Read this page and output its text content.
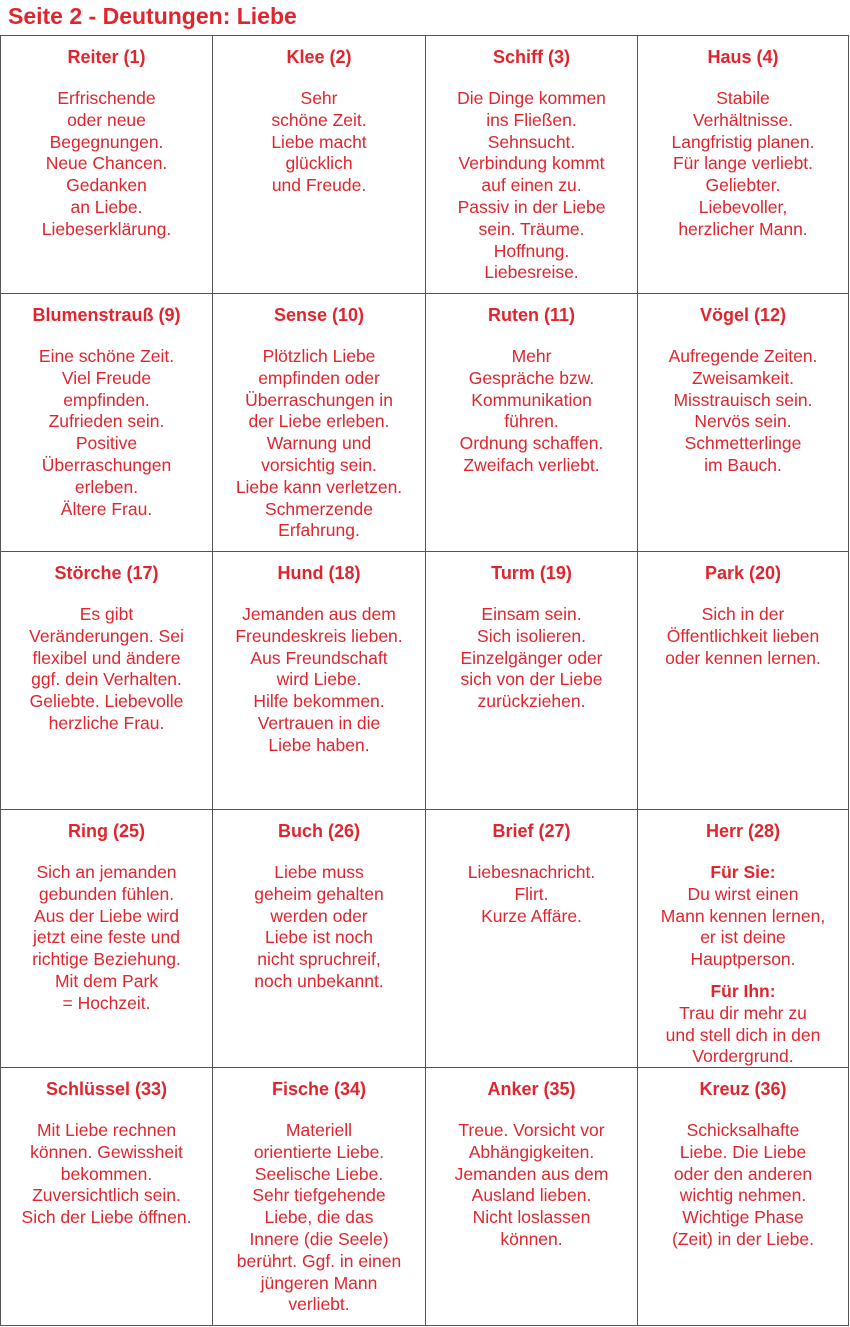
Seite 2 - Deutungen: Liebe
Reiter (1)
Erfrischende
oder neue
Begegnungen.
Neue Chancen.
Gedanken
an Liebe.
Liebeserklärung.
Klee (2)
Sehr
schöne Zeit.
Liebe macht
glücklich
und Freude.
Schiff (3)
Die Dinge kommen
ins Fließen.
Sehnsucht.
Verbindung kommt
auf einen zu.
Passiv in der Liebe
sein. Träume.
Hoffnung.
Liebesreise.
Haus (4)
Stabile
Verhältnisse.
Langfristig planen.
Für lange verliebt.
Geliebter.
Liebevoller,
herzlicher Mann.
Blumenstrauß (9)
Eine schöne Zeit.
Viel Freude
empfinden.
Zufrieden sein.
Positive
Überraschungen
erleben.
Ältere Frau.
Sense (10)
Plötzlich Liebe
empfinden oder
Überraschungen in
der Liebe erleben.
Warnung und
vorsichtig sein.
Liebe kann verletzen.
Schmerzende
Erfahrung.
Ruten (11)
Mehr
Gespräche bzw.
Kommunikation
führen.
Ordnung schaffen.
Zweifach verliebt.
Vögel (12)
Aufregende Zeiten.
Zweisamkeit.
Misstrauisch sein.
Nervös sein.
Schmetterlinge
im Bauch.
Störche (17)
Es gibt
Veränderungen. Sei
flexibel und ändere
ggf. dein Verhalten.
Geliebte. Liebevolle
herzliche Frau.
Hund (18)
Jemanden aus dem
Freundeskreis lieben.
Aus Freundschaft
wird Liebe.
Hilfe bekommen.
Vertrauen in die
Liebe haben.
Turm (19)
Einsam sein.
Sich isolieren.
Einzelgänger oder
sich von der Liebe
zurückziehen.
Park (20)
Sich in der
Öffentlichkeit lieben
oder kennen lernen.
Ring (25)
Sich an jemanden
gebunden fühlen.
Aus der Liebe wird
jetzt eine feste und
richtige Beziehung.
Mit dem Park
= Hochzeit.
Buch (26)
Liebe muss
geheim gehalten
werden oder
Liebe ist noch
nicht spruchreif,
noch unbekannt.
Brief (27)
Liebesnachricht.
Flirt.
Kurze Affäre.
Herr (28)
Für Sie:
Du wirst einen
Mann kennen lernen,
er ist deine
Hauptperson.
Für Ihn:
Trau dir mehr zu
und stell dich in den
Vordergrund.
Schlüssel (33)
Mit Liebe rechnen
können. Gewissheit
bekommen.
Zuversichtlich sein.
Sich der Liebe öffnen.
Fische (34)
Materiell
orientierte Liebe.
Seelische Liebe.
Sehr tiefgehende
Liebe, die das
Innere (die Seele)
berührt. Ggf. in einen
jüngeren Mann
verliebt.
Anker (35)
Treue. Vorsicht vor
Abhängigkeiten.
Jemanden aus dem
Ausland lieben.
Nicht loslassen
können.
Kreuz (36)
Schicksalhafte
Liebe. Die Liebe
oder den anderen
wichtig nehmen.
Wichtige Phase
(Zeit) in der Liebe.
